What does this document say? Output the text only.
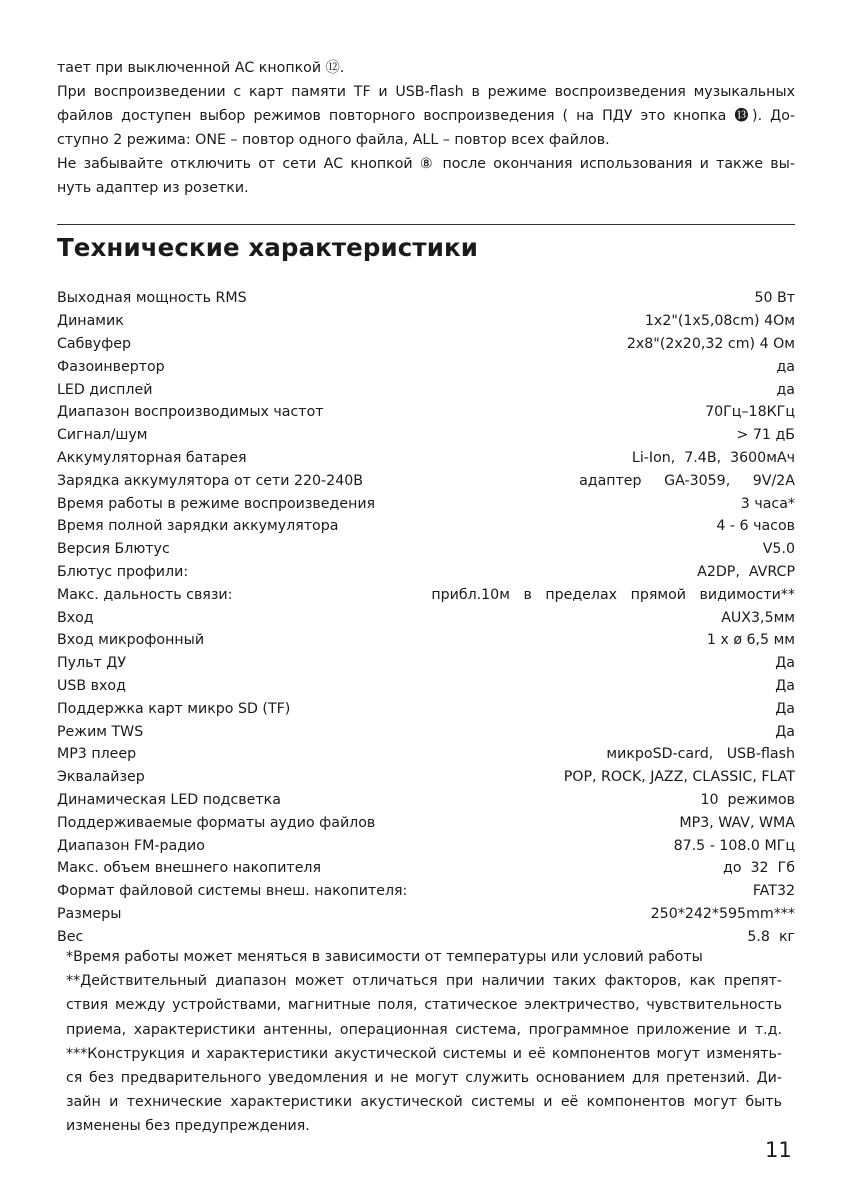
тает при выключенной АС кнопкой ⑫.
При воспроизведении с карт памяти TF и USB-flash в режиме воспроизведения музыкальных
файлов доступен выбор режимов повторного воспроизведения ( на ПДУ это кнопка ⓭). До-
ступно 2 режима: ONE – повтор одного файла, ALL – повтор всех файлов.
Не забывайте отключить от сети АС кнопкой ⑧ после окончания использования и также вы-
нуть адаптер из розетки.

Технические характеристики
Выходная мощность RMS	50 Вт
Динамик	1х2"(1х5,08cm) 4Ом
Сабвуфер	2х8"(2х20,32 cm) 4 Ом
Фазоинвертор	да
LED дисплей	да
Диапазон воспроизводимых частот	70Гц–18КГц
Сигнал/шум	> 71 дБ
Аккумуляторная батарея	Li-Ion,  7.4В,  3600мАч
Зарядка аккумулятора от сети 220-240В	адаптер     GA-3059,     9V/2A
Время работы в режиме воспроизведения	3 часа*
Время полной зарядки аккумулятора	4 - 6 часов
Версия Блютус	V5.0
Блютус профили:	A2DP,  AVRCP
Макс. дальность связи:	прибл.10м   в   пределах   прямой   видимости**
Вход	AUX3,5мм
Вход микрофонный	1 х ø 6,5 мм
Пульт ДУ	Да
USB вход	Да
Поддержка карт микро SD (TF)	Да
Режим TWS	Да
MP3 плеер	микроSD-card,   USB-flash
Эквалайзер	POP, ROCK, JAZZ, CLASSIC, FLAT
Динамическая LED подсветка	10  режимов
Поддерживаемые форматы аудио файлов	MP3, WAV, WMA
Диапазон FM-радио	87.5 - 108.0 МГц
Макс. объем внешнего накопителя	до  32  Гб
Формат файловой системы внеш. накопителя:	FAT32
Размеры	250*242*595mm***
Вес	5.8  кг
*Время работы может меняться в зависимости от температуры или условий работы
**Действительный диапазон может отличаться при наличии таких факторов, как препят-
ствия между устройствами, магнитные поля, статическое электричество, чувствительность
приема, характеристики антенны, операционная система, программное приложение и т.д.
***Конструкция и характеристики акустической системы и её компонентов могут изменять-
ся без предварительного уведомления и не могут служить основанием для претензий. Ди-
зайн и технические характеристики акустической системы и её компонентов могут быть
изменены без предупреждения.
11
